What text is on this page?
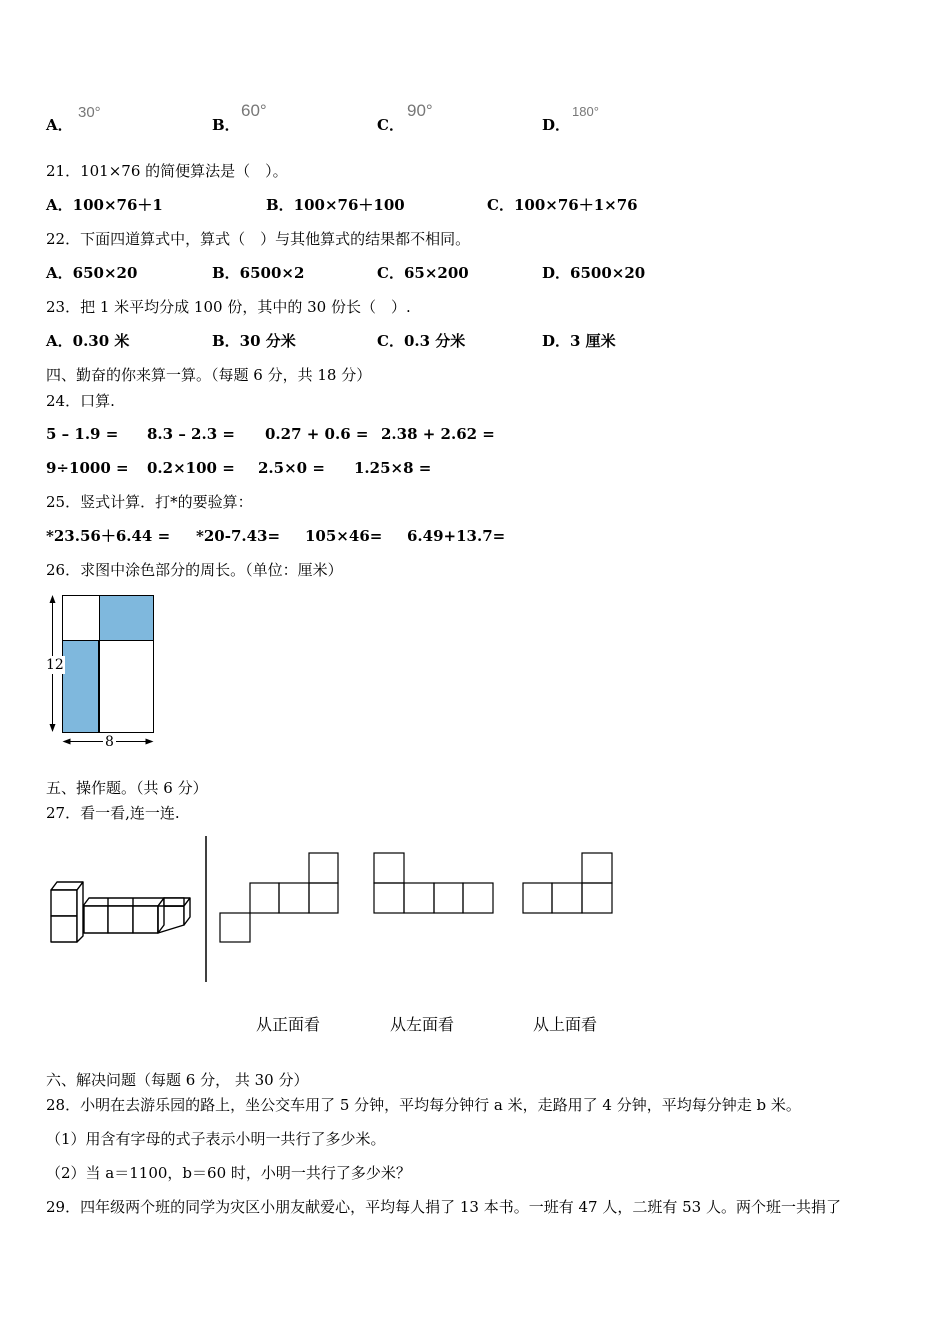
A．
30°
B．
60°
C．
90°
D．
180°
21．101×76 的简便算法是（　）。
A．100×76＋1	B．100×76＋100	C．100×76＋1×76
22．下面四道算式中，算式（　）与其他算式的结果都不相同。
A．650×20	B．6500×2	C．65×200	D．6500×20
23．把 1 米平均分成 100 份，其中的 30 份长（　）.
A．0.30 米	B．30 分米	C．0.3 分米	D．3 厘米
四、勤奋的你来算一算。（每题 6 分，共 18 分）
24．口算.
5 – 1.9 = 8.3 – 2.3 = 0.27 + 0.6 = 2.38 + 2.62 =
9÷1000 = 0.2×100 = 2.5×0 = 1.25×8 =
25．竖式计算．打*的要验算：
*23.56＋6.44 = *20-7.43= 105×46= 6.49+13.7=
26．求图中涂色部分的周长。（单位：厘米）
12
8
五、操作题。（共 6 分）
27．看一看,连一连.
从正面看	从左面看	从上面看
六、解决问题（每题 6 分， 共 30 分）
28．小明在去游乐园的路上，坐公交车用了 5 分钟，平均每分钟行 a 米，走路用了 4 分钟，平均每分钟走 b 米。
（1）用含有字母的式子表示小明一共行了多少米。
（2）当 a＝1100，b＝60 时，小明一共行了多少米？
29．四年级两个班的同学为灾区小朋友献爱心，平均每人捐了 13 本书。一班有 47 人，二班有 53 人。两个班一共捐了
